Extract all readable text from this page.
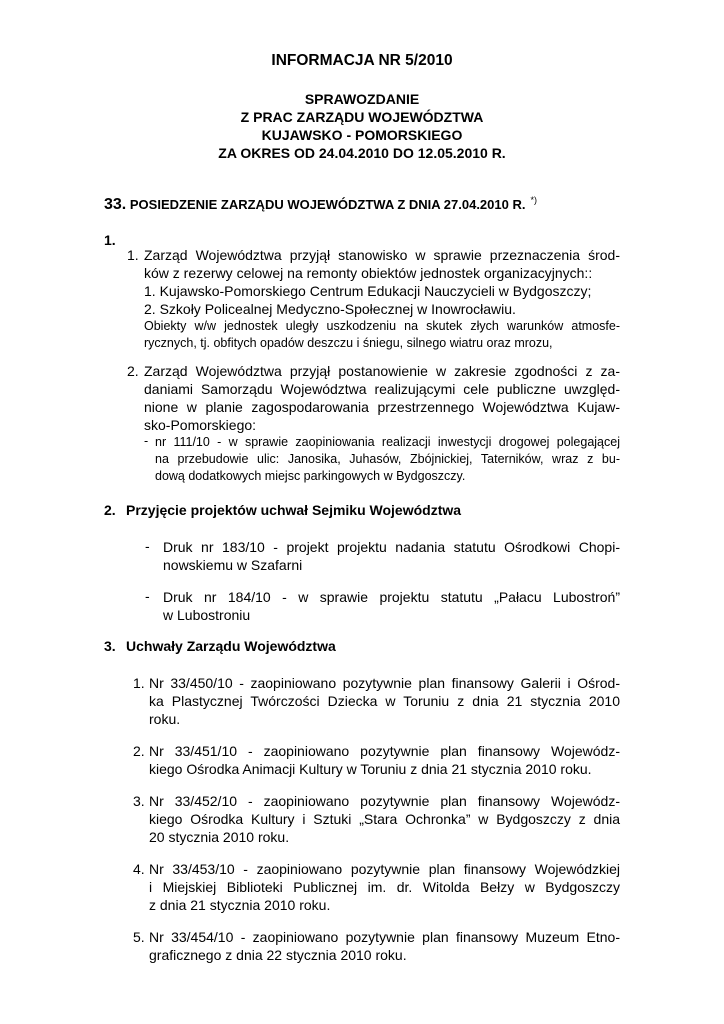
INFORMACJA NR 5/2010
SPRAWOZDANIE
Z PRAC ZARZĄDU WOJEWÓDZTWA
KUJAWSKO - POMORSKIEGO
ZA OKRES OD 24.04.2010 DO 12.05.2010 R.
33. POSIEDZENIE ZARZĄDU WOJEWÓDZTWA Z DNIA 27.04.2010 R. *)
1.
1. Zarząd Województwa przyjął stanowisko w sprawie przeznaczenia środ-
ków z rezerwy celowej na remonty obiektów jednostek organizacyjnych::
1. Kujawsko-Pomorskiego Centrum Edukacji Nauczycieli w Bydgoszczy;
2. Szkoły Policealnej Medyczno-Społecznej w Inowrocławiu.
Obiekty w/w jednostek uległy uszkodzeniu na skutek złych warunków atmosfe-
rycznych, tj. obfitych opadów deszczu i śniegu, silnego wiatru oraz mrozu,
2. Zarząd Województwa przyjął postanowienie w zakresie zgodności z za-
daniami Samorządu Województwa realizującymi cele publiczne uwzględ-
nione w planie zagospodarowania przestrzennego Województwa Kujaw-
sko-Pomorskiego:
- nr 111/10 - w sprawie zaopiniowania realizacji inwestycji drogowej polegającej
na przebudowie ulic: Janosika, Juhasów, Zbójnickiej, Taterników, wraz z bu-
dową dodatkowych miejsc parkingowych w Bydgoszczy.
2. Przyjęcie projektów uchwał Sejmiku Województwa
- Druk nr 183/10 - projekt projektu nadania statutu Ośrodkowi Chopi-
nowskiemu w Szafarni
- Druk nr 184/10 - w sprawie projektu statutu „Pałacu Lubostroń”
w Lubostroniu
3. Uchwały Zarządu Województwa
1. Nr 33/450/10 - zaopiniowano pozytywnie plan finansowy Galerii i Ośrod-
ka Plastycznej Twórczości Dziecka w Toruniu z dnia 21 stycznia 2010
roku.
2. Nr 33/451/10 - zaopiniowano pozytywnie plan finansowy Wojewódz-
kiego Ośrodka Animacji Kultury w Toruniu z dnia 21 stycznia 2010 roku.
3. Nr 33/452/10 - zaopiniowano pozytywnie plan finansowy Wojewódz-
kiego Ośrodka Kultury i Sztuki „Stara Ochronka” w Bydgoszczy z dnia
20 stycznia 2010 roku.
4. Nr 33/453/10 - zaopiniowano pozytywnie plan finansowy Wojewódzkiej
i Miejskiej Biblioteki Publicznej im. dr. Witolda Bełzy w Bydgoszczy
z dnia 21 stycznia 2010 roku.
5. Nr 33/454/10 - zaopiniowano pozytywnie plan finansowy Muzeum Etno-
graficznego z dnia 22 stycznia 2010 roku.
